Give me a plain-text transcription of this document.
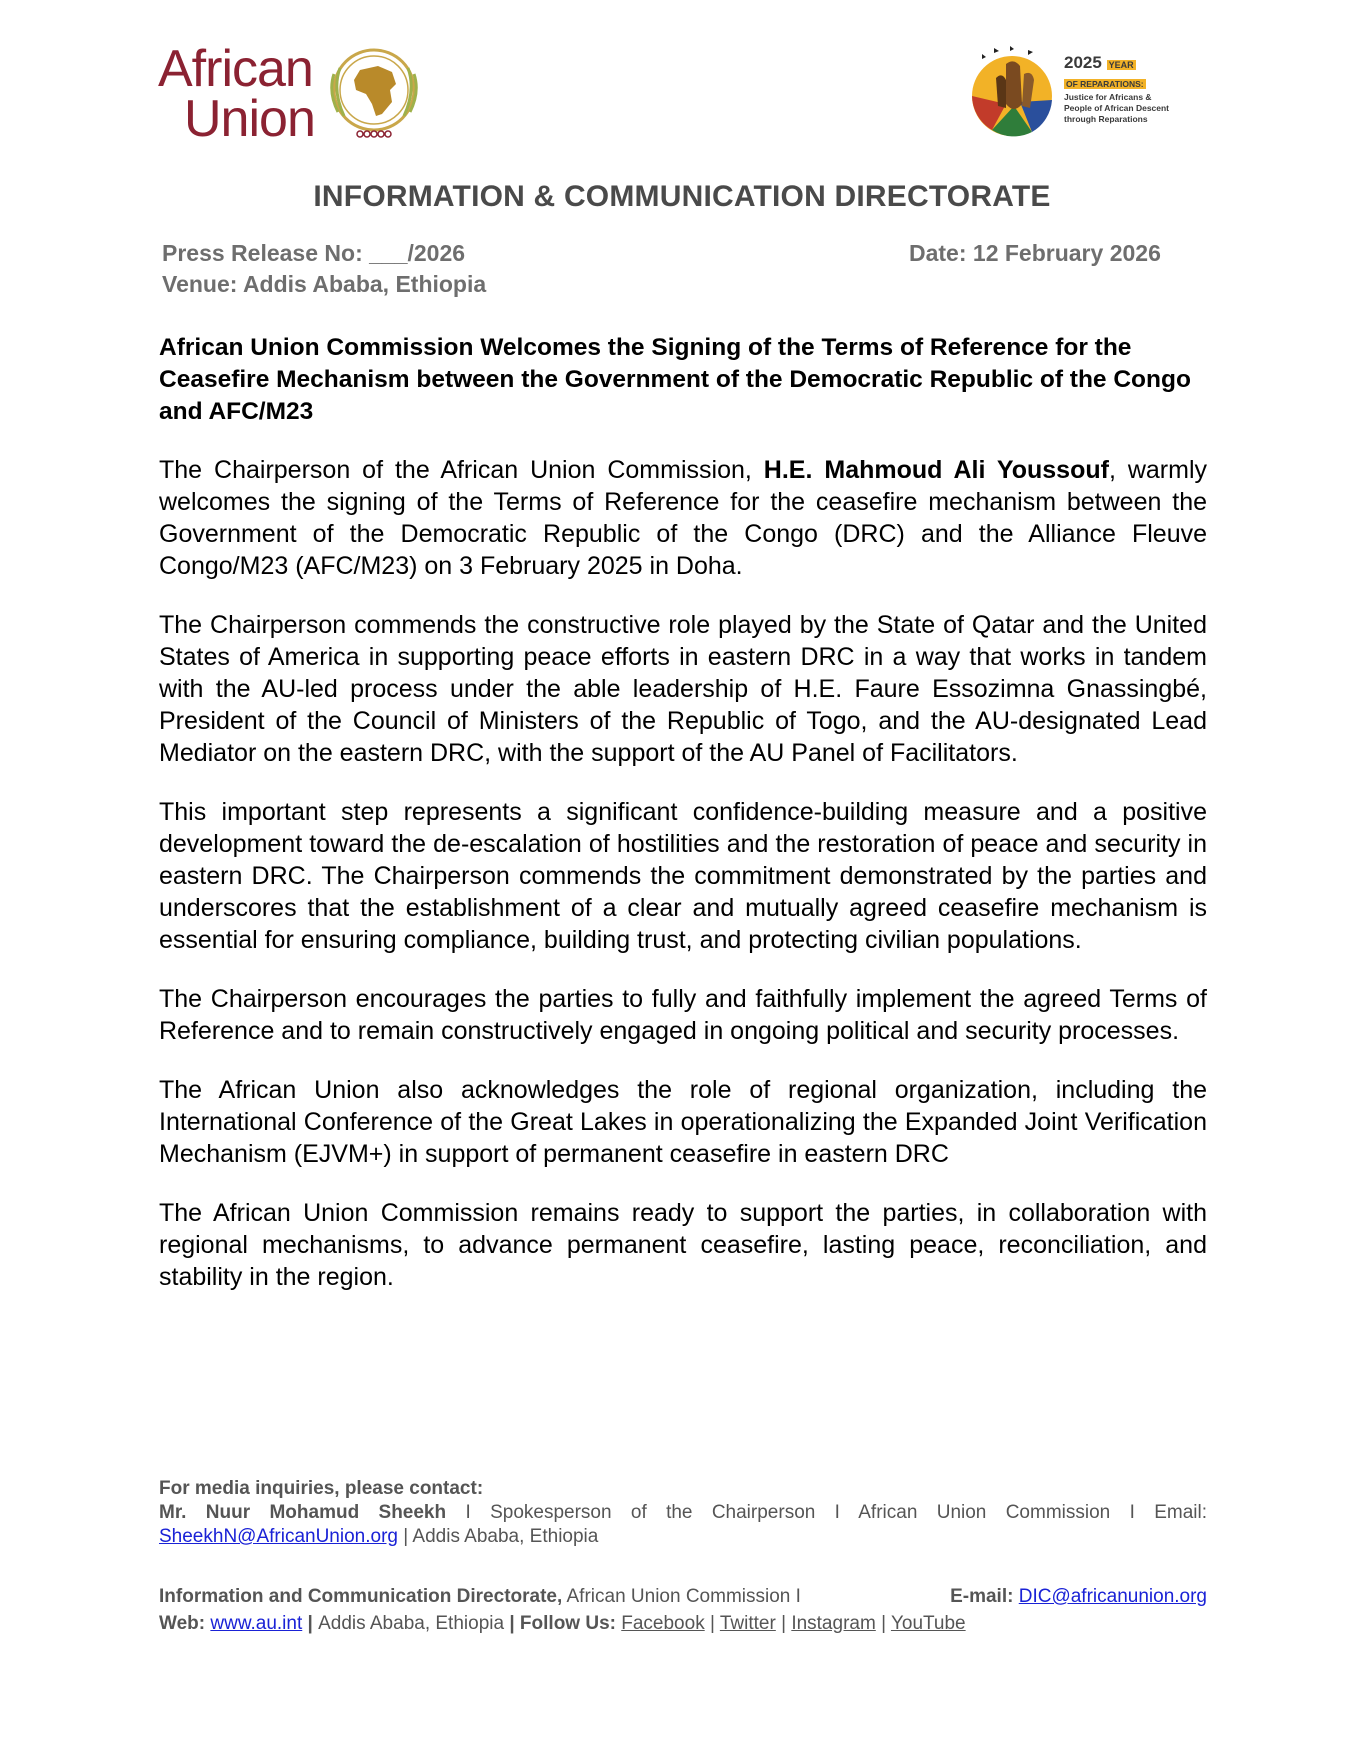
African
Union
2025 YEAR
OF REPARATIONS:
Justice for Africans &
People of African Descent
through Reparations
INFORMATION & COMMUNICATION DIRECTORATE
Press Release No: ___/2026
Venue: Addis Ababa, Ethiopia
Date: 12 February 2026
African Union Commission Welcomes the Signing of the Terms of Reference for the Ceasefire Mechanism between the Government of the Democratic Republic of the Congo and AFC/M23

The Chairperson of the African Union Commission, H.E. Mahmoud Ali Youssouf, warmly welcomes the signing of the Terms of Reference for the ceasefire mechanism between the Government of the Democratic Republic of the Congo (DRC) and the Alliance Fleuve Congo/M23 (AFC/M23) on 3 February 2025 in Doha.

The Chairperson commends the constructive role played by the State of Qatar and the United States of America in supporting peace efforts in eastern DRC in a way that works in tandem with the AU-led process under the able leadership of H.E. Faure Essozimna Gnassingbé, President of the Council of Ministers of the Republic of Togo, and the AU-designated Lead Mediator on the eastern DRC, with the support of the AU Panel of Facilitators.

This important step represents a significant confidence-building measure and a positive development toward the de-escalation of hostilities and the restoration of peace and security in eastern DRC. The Chairperson commends the commitment demonstrated by the parties and underscores that the establishment of a clear and mutually agreed ceasefire mechanism is essential for ensuring compliance, building trust, and protecting civilian populations.

The Chairperson encourages the parties to fully and faithfully implement the agreed Terms of Reference and to remain constructively engaged in ongoing political and security processes.

The African Union also acknowledges the role of regional organization, including the International Conference of the Great Lakes in operationalizing the Expanded Joint Verification Mechanism (EJVM+) in support of permanent ceasefire in eastern DRC

The African Union Commission remains ready to support the parties, in collaboration with regional mechanisms, to advance permanent ceasefire, lasting peace, reconciliation, and stability in the region.

For media inquiries, please contact:
Mr. Nuur Mohamud Sheekh I Spokesperson of the Chairperson I African Union Commission I Email: SheekhN@AfricanUnion.org | Addis Ababa, Ethiopia
Information and Communication Directorate, African Union Commission I	E-mail: DIC@africanunion.org
Web: www.au.int | Addis Ababa, Ethiopia | Follow Us: Facebook | Twitter | Instagram | YouTube
